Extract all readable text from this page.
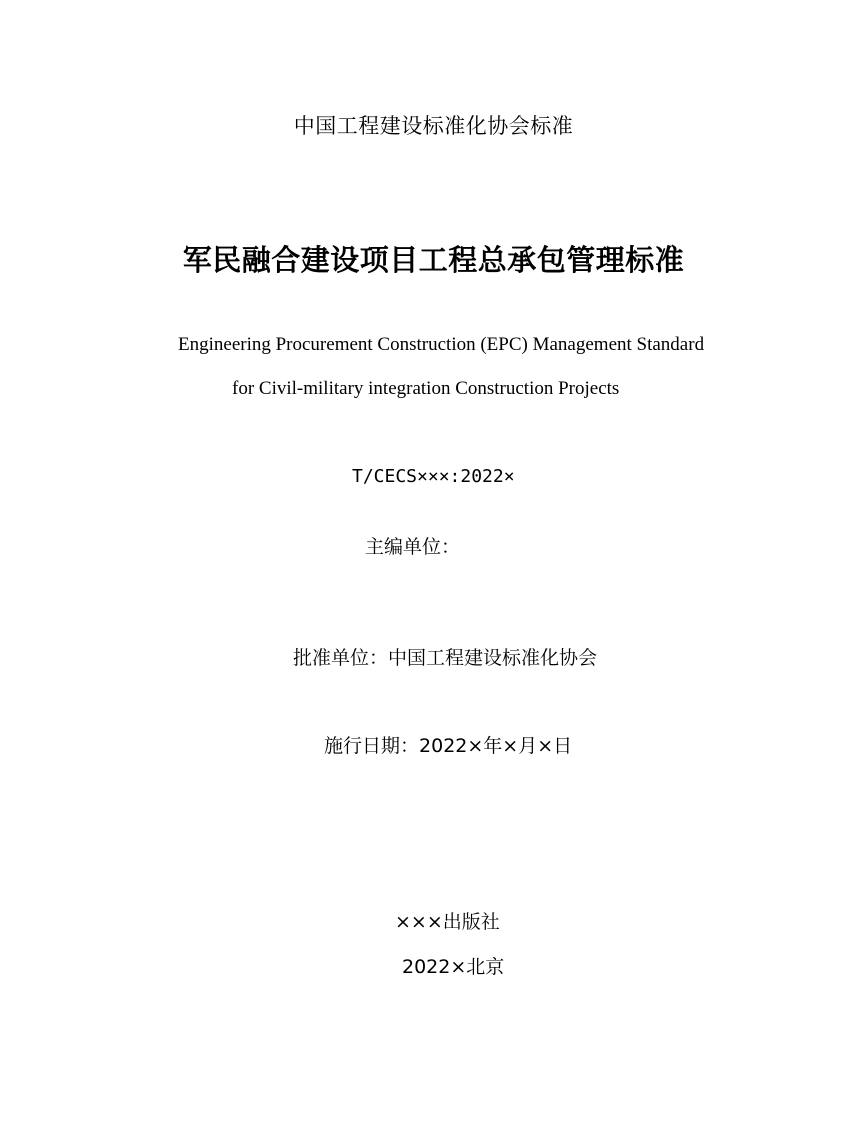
中国工程建设标准化协会标准

军民融合建设项目工程总承包管理标准

Engineering Procurement Construction (EPC) Management Standard

for Civil-military integration Construction Projects

T/CECS×××:2022×

主编单位：

批准单位：中国工程建设标准化协会

施行日期：2022×年×月×日

×××出版社

2022×北京
